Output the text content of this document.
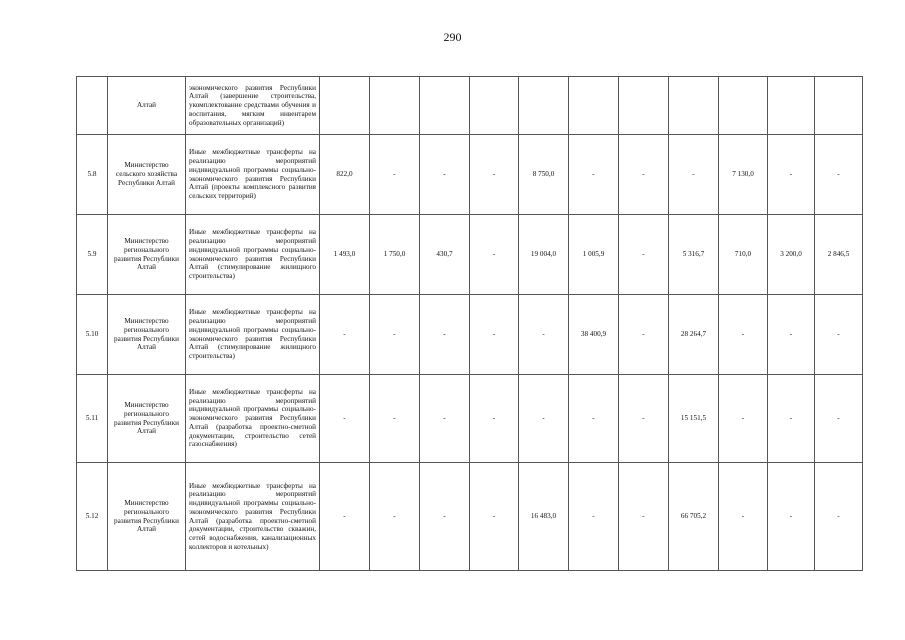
290
	Алтай	экономического развития Республики Алтай (завершение строительства, укомплектование средствами обучения и воспитания, мягким инвентарем образовательных организаций)											
5.8	Министерство сельского хозяйства Республики Алтай	Иные межбюджетные трансферты на реализацию мероприятий индивидуальной программы социально-экономического развития Республики Алтай (проекты комплексного развития сельских территорий)	822,0	-	-	-	8 750,0	-	-	-	7 130,0	-	-
5.9	Министерство регионального развития Республики Алтай	Иные межбюджетные трансферты на реализацию мероприятий индивидуальной программы социально-экономического развития Республики Алтай (стимулирование жилищного строительства)	1 493,0	1 750,0	430,7	-	19 004,0	1 005,9	-	5 316,7	710,0	3 200,0	2 846,5
5.10	Министерство регионального развития Республики Алтай	Иные межбюджетные трансферты на реализацию мероприятий индивидуальной программы социально-экономического развития Республики Алтай (стимулирование жилищного строительства)	-	-	-	-	-	38 400,9	-	28 264,7	-	-	-
5.11	Министерство регионального развития Республики Алтай	Иные межбюджетные трансферты на реализацию мероприятий индивидуальной программы социально-экономического развития Республики Алтай (разработка проектно-сметной документации, строительство сетей газоснабжения)	-	-	-	-	-	-	-	15 151,5	-	-	-
5.12	Министерство регионального развития Республики Алтай	Иные межбюджетные трансферты на реализацию мероприятий индивидуальной программы социально-экономического развития Республики Алтай (разработка проектно-сметной документации, строительство скважин, сетей водоснабжения, канализационных коллекторов и котельных)	-	-	-	-	16 483,0	-	-	66 705,2	-	-	-
